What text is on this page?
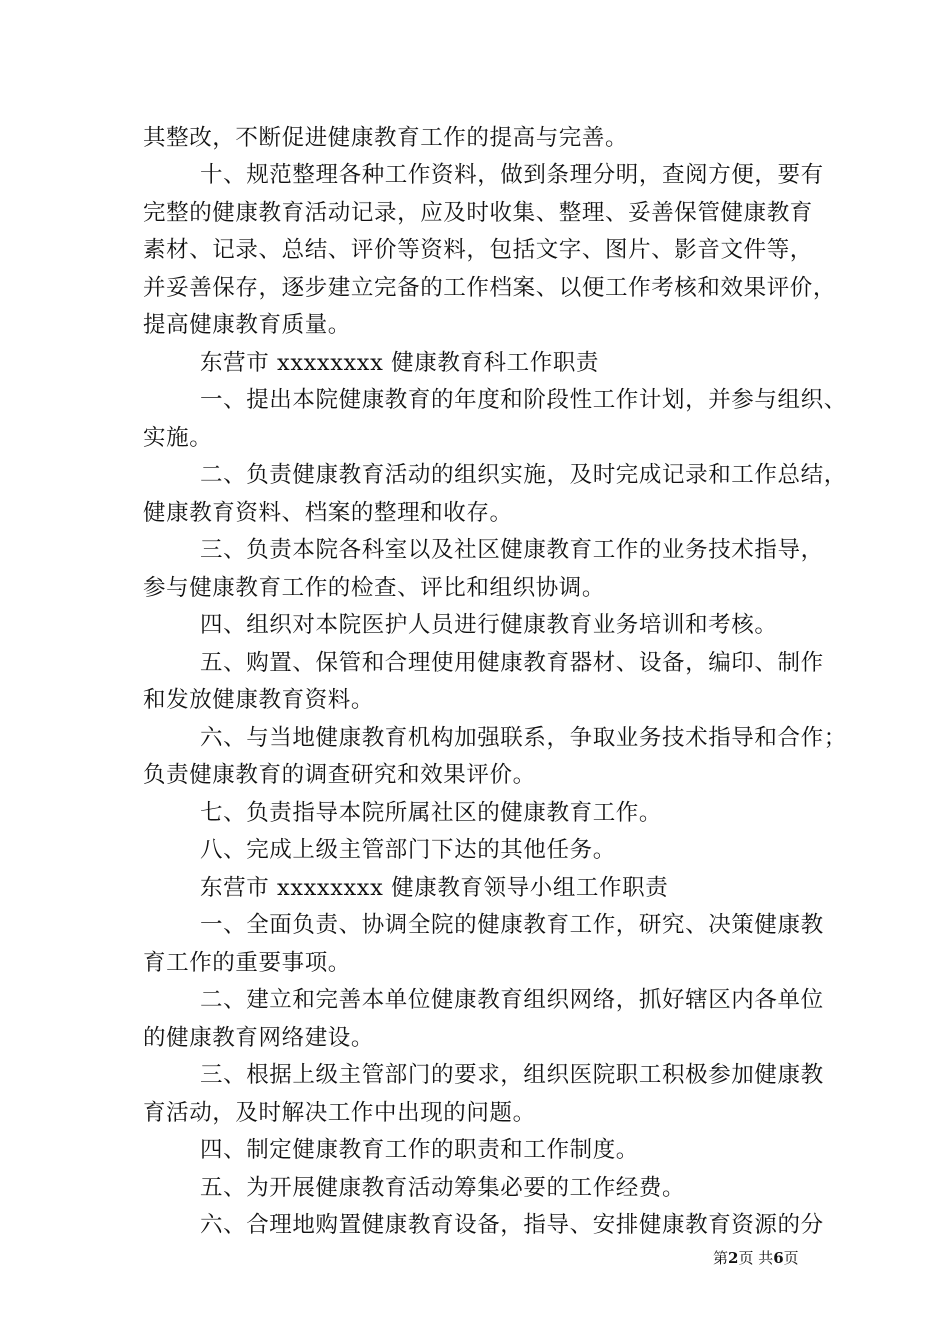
其整改，不断促进健康教育工作的提高与完善。
十、规范整理各种工作资料，做到条理分明，查阅方便，要有
完整的健康教育活动记录，应及时收集、整理、妥善保管健康教育
素材、记录、总结、评价等资料，包括文字、图片、影音文件等，
并妥善保存，逐步建立完备的工作档案、以便工作考核和效果评价，
提高健康教育质量。
东营市 xxxxxxxx 健康教育科工作职责
一、提出本院健康教育的年度和阶段性工作计划，并参与组织、
实施。
二、负责健康教育活动的组织实施，及时完成记录和工作总结，
健康教育资料、档案的整理和收存。
三、负责本院各科室以及社区健康教育工作的业务技术指导，
参与健康教育工作的检查、评比和组织协调。
四、组织对本院医护人员进行健康教育业务培训和考核。
五、购置、保管和合理使用健康教育器材、设备，编印、制作
和发放健康教育资料。
六、与当地健康教育机构加强联系，争取业务技术指导和合作；
负责健康教育的调查研究和效果评价。
七、负责指导本院所属社区的健康教育工作。
八、完成上级主管部门下达的其他任务。
东营市 xxxxxxxx 健康教育领导小组工作职责
一、全面负责、协调全院的健康教育工作，研究、决策健康教
育工作的重要事项。
二、建立和完善本单位健康教育组织网络，抓好辖区内各单位
的健康教育网络建设。
三、根据上级主管部门的要求，组织医院职工积极参加健康教
育活动，及时解决工作中出现的问题。
四、制定健康教育工作的职责和工作制度。
五、为开展健康教育活动筹集必要的工作经费。
六、合理地购置健康教育设备，指导、安排健康教育资源的分
第2页 共6页
